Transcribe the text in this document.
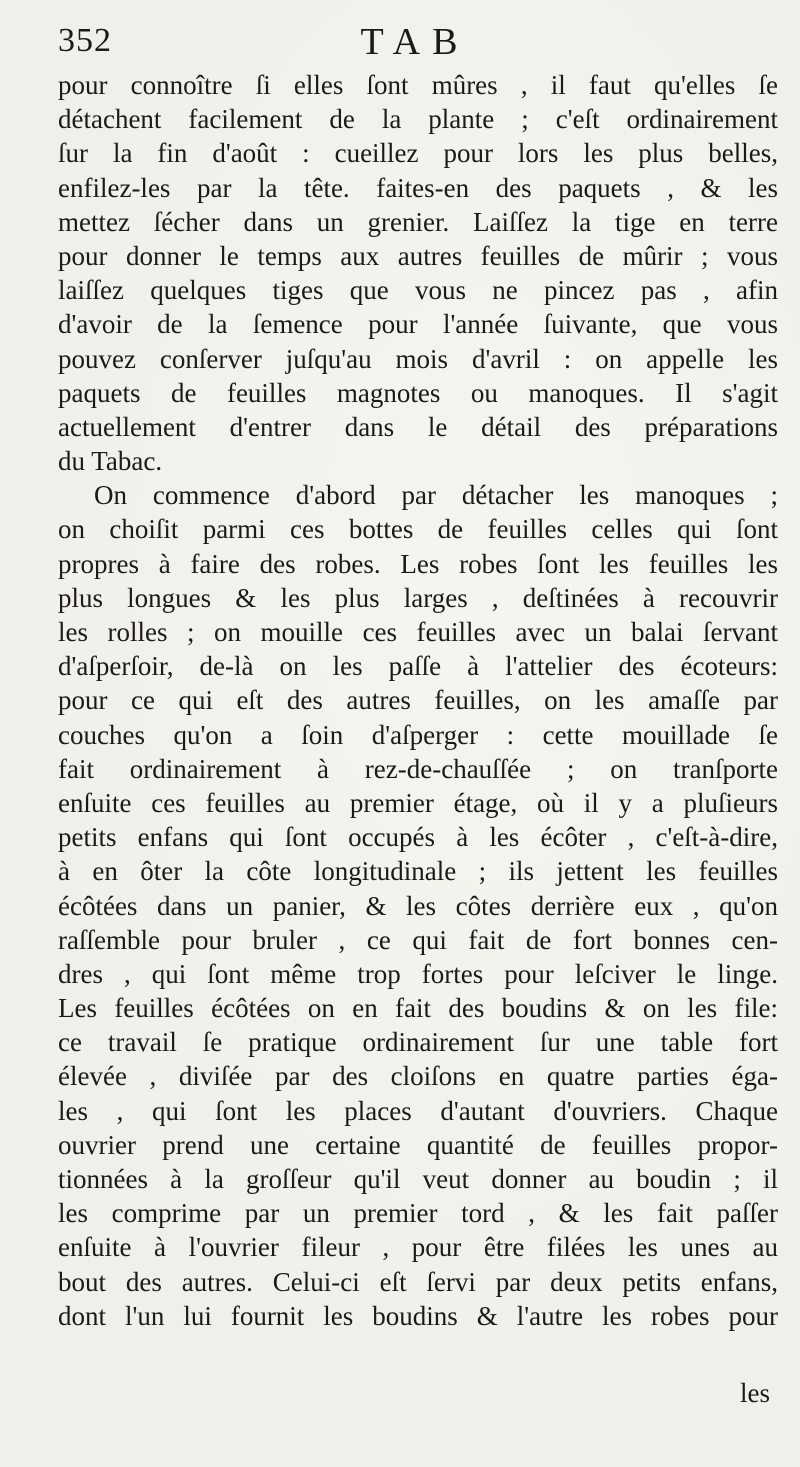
352	TAB
pour connoître ſi elles ſont mûres , il faut qu'elles ſe
détachent facilement de la plante ; c'eſt ordinairement
ſur la fin d'août : cueillez pour lors les plus belles,
enfilez-les par la tête. faites-en des paquets , & les
mettez ſécher dans un grenier. Laiſſez la tige en terre
pour donner le temps aux autres feuilles de mûrir ; vous
laiſſez quelques tiges que vous ne pincez pas , afin
d'avoir de la ſemence pour l'année ſuivante, que vous
pouvez conſerver juſqu'au mois d'avril : on appelle les
paquets de feuilles magnotes ou manoques. Il s'agit
actuellement d'entrer dans le détail des préparations
du Tabac.
On commence d'abord par détacher les manoques ;
on choiſit parmi ces bottes de feuilles celles qui ſont
propres à faire des robes. Les robes ſont les feuilles les
plus longues & les plus larges , deſtinées à recouvrir
les rolles ; on mouille ces feuilles avec un balai ſervant
d'aſperſoir, de-là on les paſſe à l'attelier des écoteurs:
pour ce qui eſt des autres feuilles, on les amaſſe par
couches qu'on a ſoin d'aſperger : cette mouillade ſe
fait ordinairement à rez-de-chauſſée ; on tranſporte
enſuite ces feuilles au premier étage, où il y a pluſieurs
petits enfans qui ſont occupés à les écôter , c'eſt-à-dire,
à en ôter la côte longitudinale ; ils jettent les feuilles
écôtées dans un panier, & les côtes derrière eux , qu'on
raſſemble pour bruler , ce qui fait de fort bonnes cen-
dres , qui ſont même trop fortes pour leſciver le linge.
Les feuilles écôtées on en fait des boudins & on les file:
ce travail ſe pratique ordinairement ſur une table fort
élevée , diviſée par des cloiſons en quatre parties éga-
les , qui ſont les places d'autant d'ouvriers. Chaque
ouvrier prend une certaine quantité de feuilles propor-
tionnées à la groſſeur qu'il veut donner au boudin ; il
les comprime par un premier tord , & les fait paſſer
enſuite à l'ouvrier fileur , pour être filées les unes au
bout des autres. Celui-ci eſt ſervi par deux petits enfans,
dont l'un lui fournit les boudins & l'autre les robes pour
les
